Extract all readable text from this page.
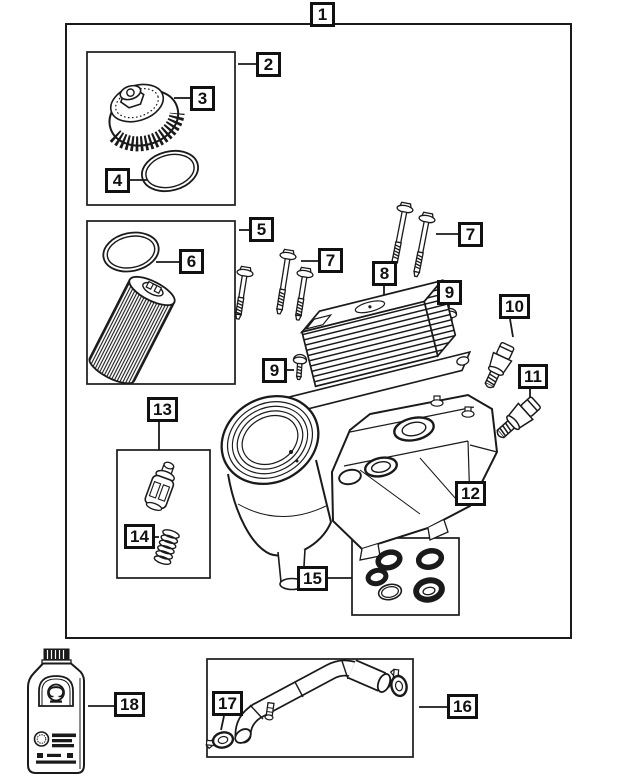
1
2
3
4
5
6	7
7
8
9
9
10
11
12
13
14
15
16
17
18
